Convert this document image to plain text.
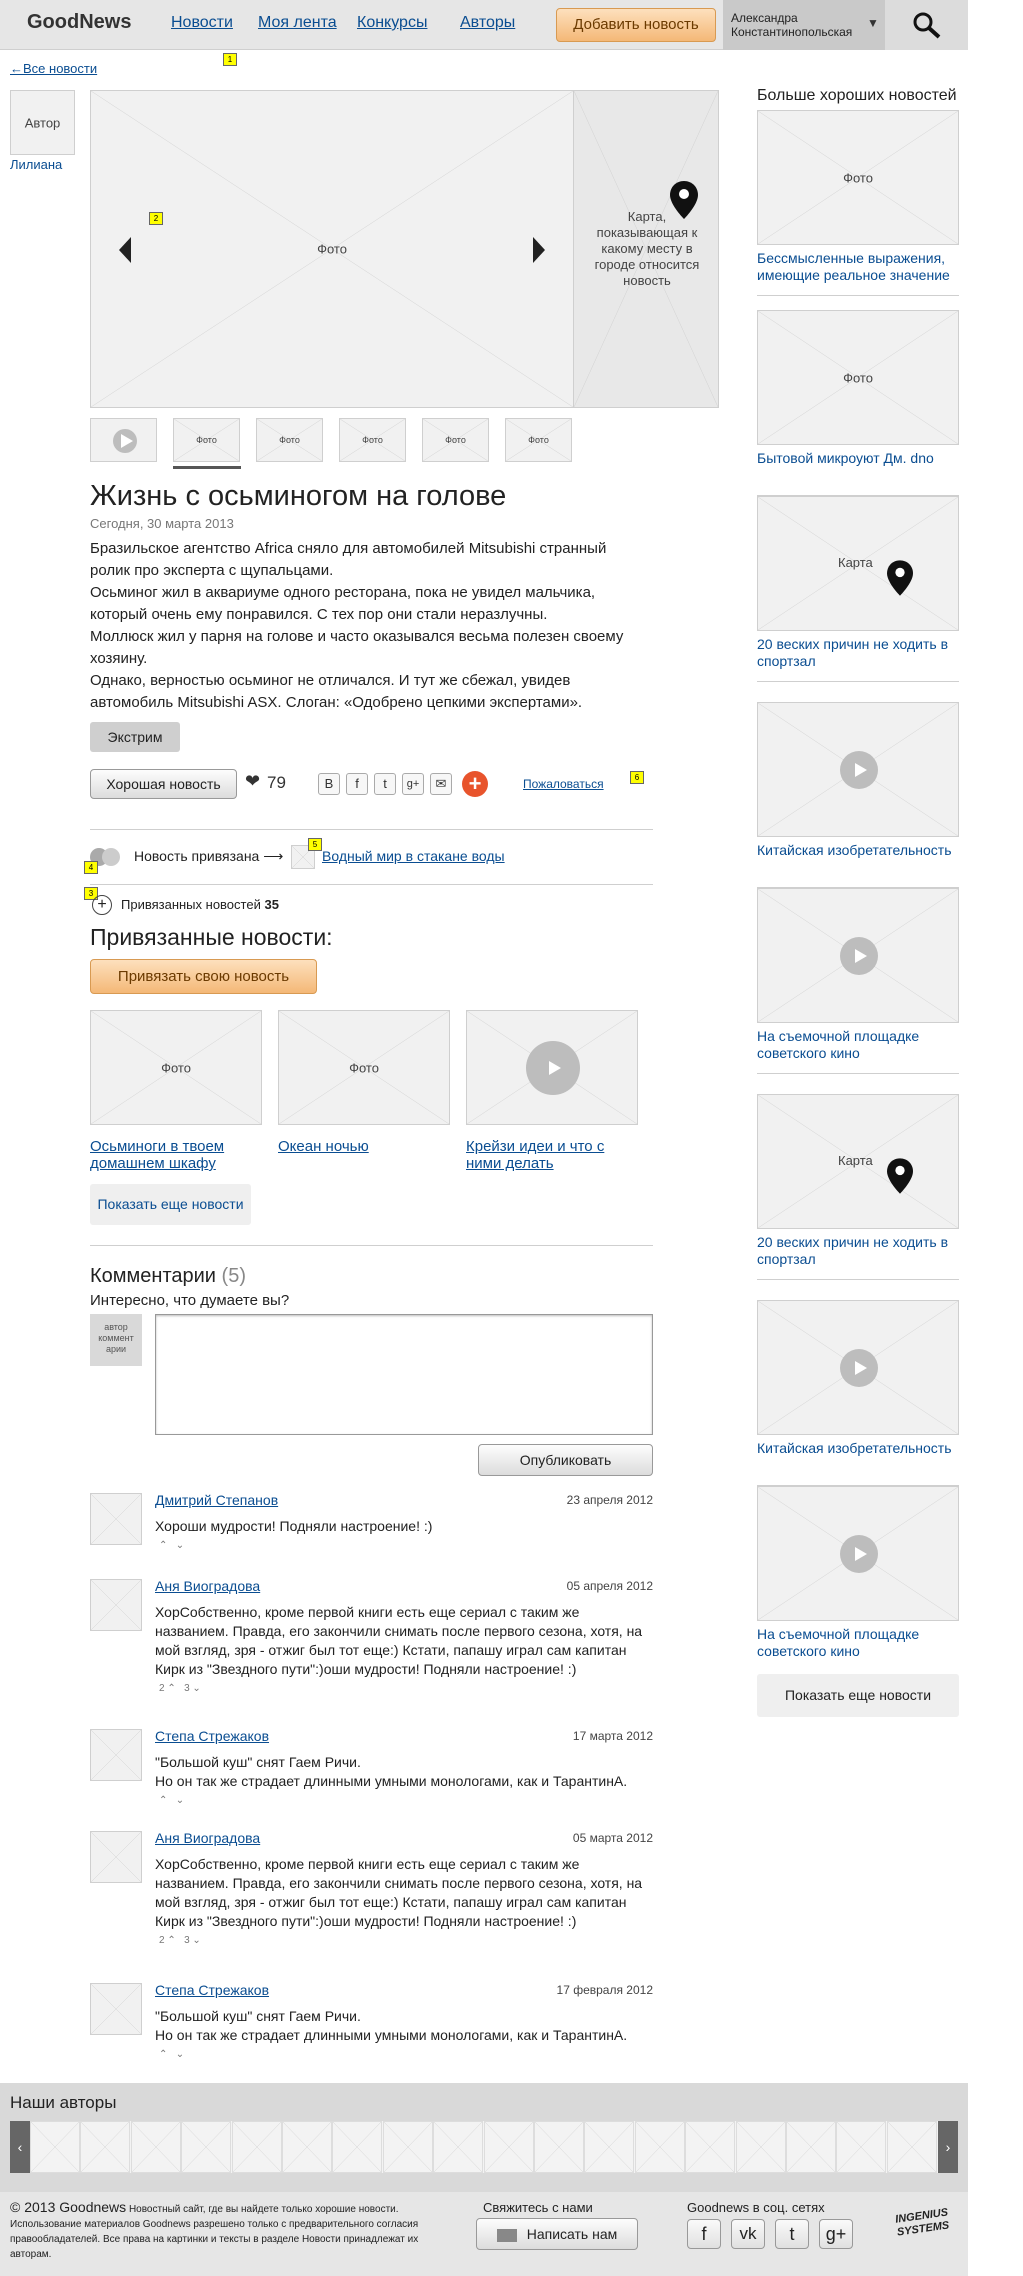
GoodNews Новости Моя лента Конкурсы Авторы	Добавить новость	Александра Константинопольская
▼
←Все новости
1
Автор
Лилиана
Фото
2	Карта, показывающая к какому месту в городе относится новость
Фото	Фото	Фото	Фото	Фото
Жизнь с осьминогом на голове
Сегодня, 30 марта 2013

Бразильское агентство Africa сняло для автомобилей Mitsubishi странный ролик про эксперта с щупальцами.

Осьминог жил в аквариуме одного ресторана, пока не увидел мальчика, который очень ему понравился. С тех пор они стали неразлучны.

Моллюск жил у парня на голове и часто оказывался весьма полезен своему хозяину.

Однако, верностью осьминог не отличался. И тут же сбежал, увидев автомобиль Mitsubishi ASX. Слоган: «Одобрено цепкими экспертами».

Экстрим
Хорошая новость	❤ 79	В	f	t	g+	✉ +	Пожаловаться	6
Новость привязана ⟶	Водный мир в стакане воды
5
4
3
+	Привязанных новостей 35
Привязанные новости:
Привязать свою новость
Фото	Фото
Осьминоги в твоем домашнем шкафу
Океан ночью	Крейзи идеи и что с ними делать
Показать еще новости
Комментарии (5)
Интересно, что думаете вы?
автор коммент арии
Опубликовать
Дмитрий Степанов	23 апреля 2012
Хороши мудрости! Подняли настроение! :)
⌃ ⌄
Аня Виоградова	05 апреля 2012
ХорСобственно, кроме первой книги есть еще сериал с таким же названием. Правда, его закончили снимать после первого сезона, хотя, на мой взгляд, зря - отжиг был тот еще:) Кстати, папашу играл сам капитан Кирк из "Звездного пути":)оши мудрости! Подняли настроение! :)
2 ⌃ 3 ⌄
Степа Стрежаков	17 марта 2012
"Большой куш" снят Гаем Ричи.
Но он так же страдает длинными умными монологами, как и ТарантинА.
⌃ ⌄
Аня Виоградова	05 марта 2012
ХорСобственно, кроме первой книги есть еще сериал с таким же названием. Правда, его закончили снимать после первого сезона, хотя, на мой взгляд, зря - отжиг был тот еще:) Кстати, папашу играл сам капитан Кирк из "Звездного пути":)оши мудрости! Подняли настроение! :)
2 ⌃ 3 ⌄
Степа Стрежаков	17 февраля 2012
"Большой куш" снят Гаем Ричи.
Но он так же страдает длинными умными монологами, как и ТарантинА.
⌃ ⌄
Больше хороших новостей
Фото
Бессмысленные выражения, имеющие реальное значение
Фото
Бытовой микроуют Дм. dno
Карта
20 веских причин не ходить в спортзал
Китайская изобретательность
На съемочной площадке советского кино
Карта
20 веских причин не ходить в спортзал
Китайская изобретательность
На съемочной площадке советского кино
Показать еще новости
Наши авторы
‹	›
© 2013 Goodnews Новостный сайт, где вы найдете только хорошие новости. Использование материалов Goodnews разрешено только с предварительного согласия правообладателей. Все права на картинки и тексты в разделе Новости принадлежат их авторам.
Свяжитесь с нами
Написать нам
Goodnews в соц. сетях
f	vk	t	g+
INGENIUS SYSTEMS
